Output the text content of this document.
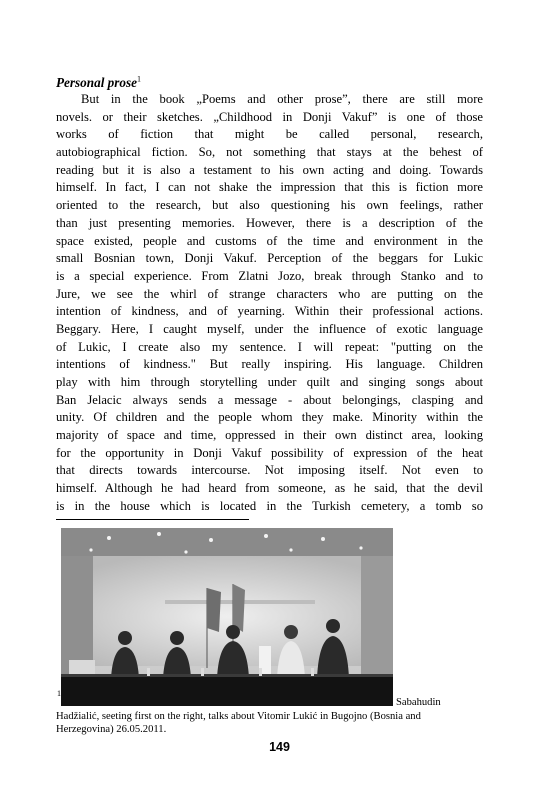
Personal prose$^1$
But in the book „Poems and other prose”, there are still more
novels. or their sketches. „Childhood in Donji Vakuf” is one of those
works of fiction that might be called personal, research,
autobiographical fiction. So, not something that stays at the behest of
reading but it is also a testament to his own acting and doing. Towards
himself. In fact, I can not shake the impression that this is fiction more
oriented to the research, but also questioning his own feelings, rather
than just presenting memories. However, there is a description of the
space existed, people and customs of the time and environment in the
small Bosnian town, Donji Vakuf. Perception of the beggars for Lukic
is a special experience. From Zlatni Jozo, break through Stanko and to
Jure, we see the whirl of strange characters who are putting on the
intention of kindness, and of yearning. Within their professional actions.
Beggary. Here, I caught myself, under the influence of exotic language
of Lukic, I create also my sentence. I will repeat: "putting on the
intentions of kindness." But really inspiring. His language. Children
play with him through storytelling under quilt and singing songs about
Ban Jelacic always sends a message - about belongings, clasping and
unity. Of children and the people whom they make. Minority within the
majority of space and time, oppressed in their own distinct area, looking
for the opportunity in Donji Vakuf possibility of expression of the heat
that directs towards intercourse. Not imposing itself. Not even to
himself. Although he had heard from someone, as he said, that the devil
is in the house which is located in the Turkish cemetery, a tomb so
1
Sabahudin
Hadžialić, seeting first on the right, talks about Vitomir Lukić in Bugojno (Bosnia and
Herzegovina) 26.05.2011.
149
